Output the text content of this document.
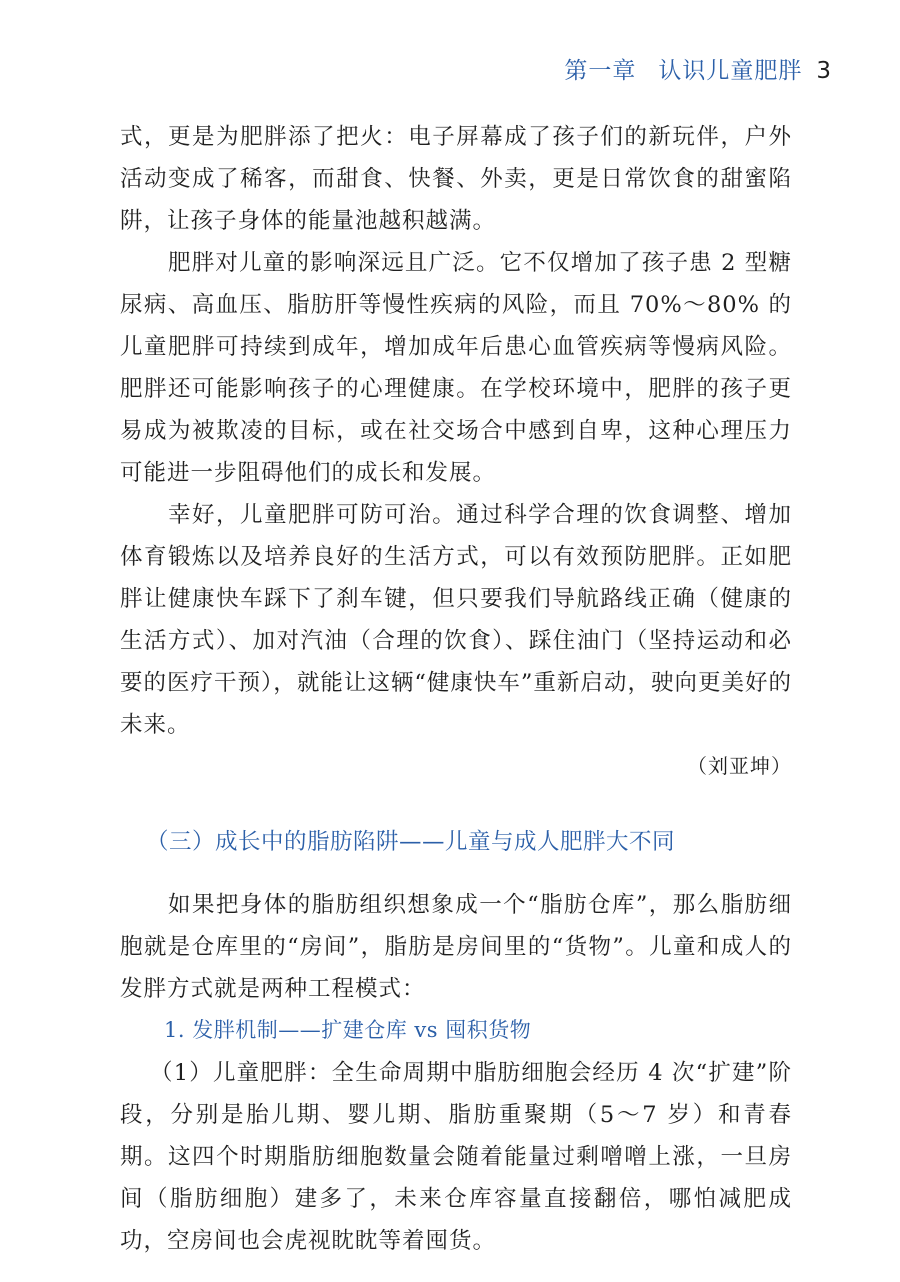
第一章 认识儿童肥胖 3

式，更是为肥胖添了把火：电子屏幕成了孩子们的新玩伴，户外活动变成了稀客，而甜食、快餐、外卖，更是日常饮食的甜蜜陷阱，让孩子身体的能量池越积越满。

肥胖对儿童的影响深远且广泛。它不仅增加了孩子患 2 型糖尿病、高血压、脂肪肝等慢性疾病的风险，而且 70%～80% 的儿童肥胖可持续到成年，增加成年后患心血管疾病等慢病风险。肥胖还可能影响孩子的心理健康。在学校环境中，肥胖的孩子更易成为被欺凌的目标，或在社交场合中感到自卑，这种心理压力可能进一步阻碍他们的成长和发展。

幸好，儿童肥胖可防可治。通过科学合理的饮食调整、增加体育锻炼以及培养良好的生活方式，可以有效预防肥胖。正如肥胖让健康快车踩下了刹车键，但只要我们导航路线正确（健康的生活方式）、加对汽油（合理的饮食）、踩住油门（坚持运动和必要的医疗干预），就能让这辆“健康快车”重新启动，驶向更美好的未来。

（刘亚坤）

（三）成长中的脂肪陷阱——儿童与成人肥胖大不同

如果把身体的脂肪组织想象成一个“脂肪仓库”，那么脂肪细胞就是仓库里的“房间”，脂肪是房间里的“货物”。儿童和成人的发胖方式就是两种工程模式：

1. 发胖机制——扩建仓库 vs 囤积货物

（1）儿童肥胖：全生命周期中脂肪细胞会经历 4 次“扩建”阶段，分别是胎儿期、婴儿期、脂肪重聚期（5～7 岁）和青春期。这四个时期脂肪细胞数量会随着能量过剩噌噌上涨，一旦房间（脂肪细胞）建多了，未来仓库容量直接翻倍，哪怕减肥成功，空房间也会虎视眈眈等着囤货。
